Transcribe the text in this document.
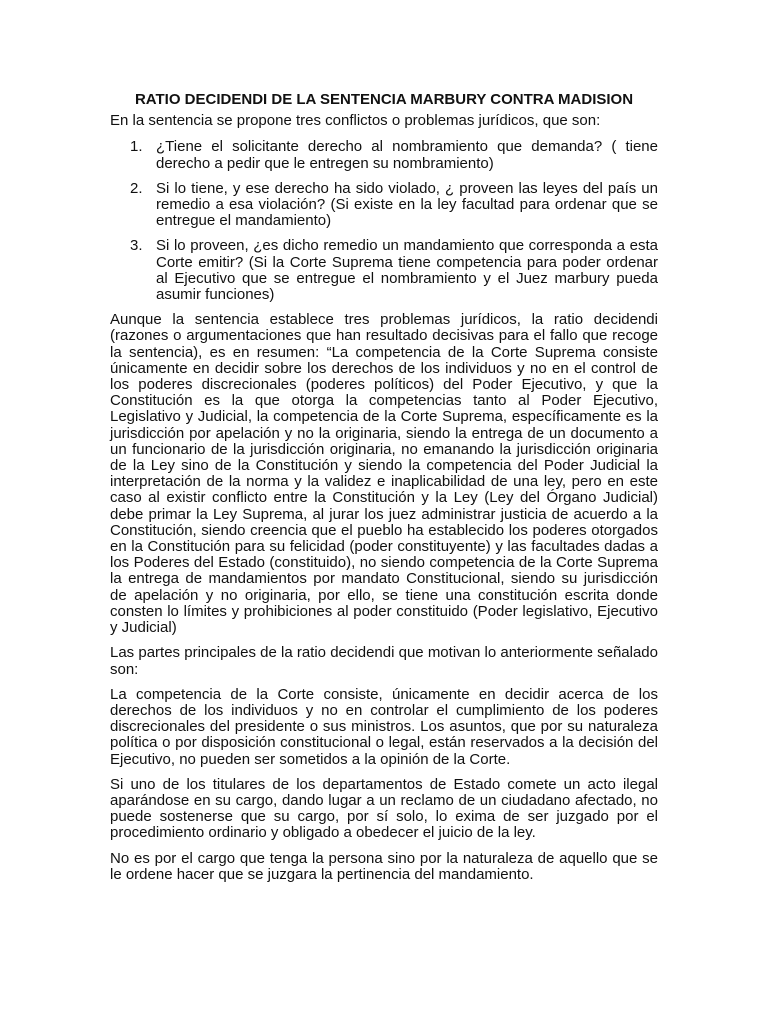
RATIO DECIDENDI DE LA SENTENCIA MARBURY CONTRA MADISION
En la sentencia se propone tres conflictos o problemas jurídicos, que son:
1. ¿Tiene el solicitante derecho al nombramiento que demanda? ( tiene derecho a pedir que le entregen su nombramiento)
2. Si lo tiene, y ese derecho ha sido violado, ¿ proveen las leyes del país un remedio a esa violación? (Si existe en la ley facultad para ordenar que se entregue el mandamiento)
3. Si lo proveen, ¿es dicho remedio un mandamiento que corresponda a esta Corte emitir? (Si la Corte Suprema tiene competencia para poder ordenar al Ejecutivo que se entregue el nombramiento y el Juez marbury pueda asumir funciones)

Aunque la sentencia establece tres problemas jurídicos, la ratio decidendi (razones o argumentaciones que han resultado decisivas para el fallo que recoge la sentencia), es en resumen: “La competencia de la Corte Suprema consiste únicamente en decidir sobre los derechos de los individuos y no en el control de los poderes discrecionales (poderes políticos) del Poder Ejecutivo, y que la Constitución es la que otorga la competencias tanto al Poder Ejecutivo, Legislativo y Judicial, la competencia de la Corte Suprema, específicamente es la jurisdicción por apelación y no la originaria, siendo la entrega de un documento a un funcionario de la jurisdicción originaria, no emanando la jurisdicción originaria de la Ley sino de la Constitución y siendo la competencia del Poder Judicial la interpretación de la norma y la validez e inaplicabilidad de una ley, pero en este caso al existir conflicto entre la Constitución y la Ley (Ley del Órgano Judicial) debe primar la Ley Suprema, al jurar los juez administrar justicia de acuerdo a la Constitución, siendo creencia que el pueblo ha establecido los poderes otorgados en la Constitución para su felicidad (poder constituyente) y las facultades dadas a los Poderes del Estado (constituido), no siendo competencia de la Corte Suprema la entrega de mandamientos por mandato Constitucional, siendo su jurisdicción de apelación y no originaria, por ello, se tiene una constitución escrita donde consten lo límites y prohibiciones al poder constituido (Poder legislativo, Ejecutivo y Judicial)

Las partes principales de la ratio decidendi que motivan lo anteriormente señalado son:

La competencia de la Corte consiste, únicamente en decidir acerca de los derechos de los individuos y no en controlar el cumplimiento de los poderes discrecionales del presidente o sus ministros. Los asuntos, que por su naturaleza política o por disposición constitucional o legal, están reservados a la decisión del Ejecutivo, no pueden ser sometidos a la opinión de la Corte.

Si uno de los titulares de los departamentos de Estado comete un acto ilegal aparándose en su cargo, dando lugar a un reclamo de un ciudadano afectado, no puede sostenerse que su cargo, por sí solo, lo exima de ser juzgado por el procedimiento ordinario y obligado a obedecer el juicio de la ley.

No es por el cargo que tenga la persona sino por la naturaleza de aquello que se le ordene hacer que se juzgara la pertinencia del mandamiento.
